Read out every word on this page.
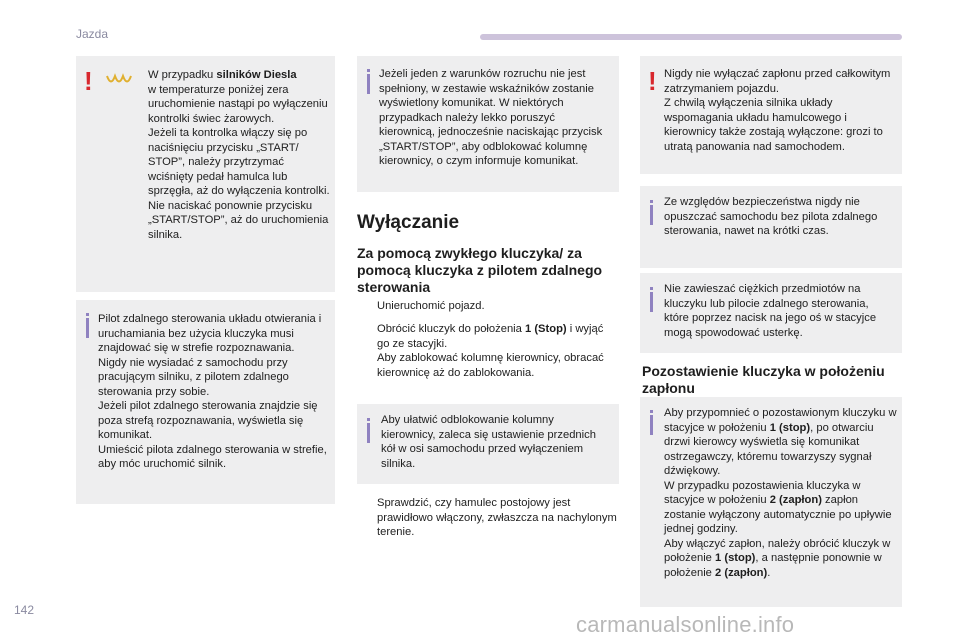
Jazda
!	W przypadku silników Diesla
w temperaturze poniżej zera uruchomienie nastąpi po wyłączeniu kontrolki świec żarowych.
Jeżeli ta kontrolka włączy się po naciśnięciu przycisku „START/ STOP”, należy przytrzymać wciśnięty pedał hamulca lub sprzęgła, aż do wyłączenia kontrolki. Nie naciskać ponownie przycisku „START/STOP”, aż do uruchomienia silnika.
Pilot zdalnego sterowania układu otwierania i uruchamiania bez użycia kluczyka musi znajdować się w strefie rozpoznawania.
Nigdy nie wysiadać z samochodu przy pracującym silniku, z pilotem zdalnego sterowania przy sobie.
Jeżeli pilot zdalnego sterowania znajdzie się poza strefą rozpoznawania, wyświetla się komunikat.
Umieścić pilota zdalnego sterowania w strefie, aby móc uruchomić silnik.
Jeżeli jeden z warunków rozruchu nie jest spełniony, w zestawie wskaźników zostanie wyświetlony komunikat. W niektórych przypadkach należy lekko poruszyć kierownicą, jednocześnie naciskając przycisk „START/STOP”, aby odblokować kolumnę kierownicy, o czym informuje komunikat.
Wyłączanie
Za pomocą zwykłego kluczyka/ za pomocą kluczyka z pilotem zdalnego sterowania
Unieruchomić pojazd.
Obrócić kluczyk do położenia 1 (Stop) i wyjąć go ze stacyjki.
Aby zablokować kolumnę kierownicy, obracać kierownicę aż do zablokowania.
Aby ułatwić odblokowanie kolumny kierownicy, zaleca się ustawienie przednich kół w osi samochodu przed wyłączeniem silnika.
Sprawdzić, czy hamulec postojowy jest prawidłowo włączony, zwłaszcza na nachylonym terenie.
! Nigdy nie wyłączać zapłonu przed całkowitym zatrzymaniem pojazdu.
Z chwilą wyłączenia silnika układy wspomagania układu hamulcowego i kierownicy także zostają wyłączone: grozi to utratą panowania nad samochodem.
Ze względów bezpieczeństwa nigdy nie opuszczać samochodu bez pilota zdalnego sterowania, nawet na krótki czas.
Nie zawieszać ciężkich przedmiotów na kluczyku lub pilocie zdalnego sterowania, które poprzez nacisk na jego oś w stacyjce mogą spowodować usterkę.
Pozostawienie kluczyka w położeniu zapłonu
Aby przypomnieć o pozostawionym kluczyku w stacyjce w położeniu 1 (stop), po otwarciu drzwi kierowcy wyświetla się komunikat ostrzegawczy, któremu towarzyszy sygnał dźwiękowy.
W przypadku pozostawienia kluczyka w stacyjce w położeniu 2 (zapłon) zapłon zostanie wyłączony automatycznie po upływie jednej godziny.
Aby włączyć zapłon, należy obrócić kluczyk w położenie 1 (stop), a następnie ponownie w położenie 2 (zapłon).
142
carmanualsonline.info
